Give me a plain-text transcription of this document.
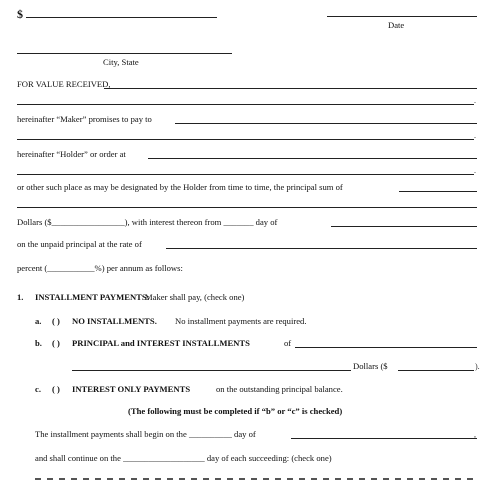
$
Date
City, State
FOR VALUE RECEIVED,
.
hereinafter “Maker” promises to pay to
.
hereinafter “Holder” or order at
.
or other such place as may be designated by the Holder from time to time, the principal sum of
Dollars ($_________________), with interest thereon from _______ day of
on the unpaid principal at the rate of
percent (___________%) per annum as follows:
1. INSTALLMENT PAYMENTS:
Maker shall pay, (check one)
a. ( ) NO INSTALLMENTS. No installment payments are required.
b. ( ) PRINCIPAL and INTEREST INSTALLMENTS	of
Dollars ($	).
c. ( ) INTEREST ONLY PAYMENTS	on the outstanding principal balance.
(The following must be completed if “b” or “c” is checked)
The installment payments shall begin on the __________ day of	,
and shall continue on the ___________________ day of each succeeding: (check one)
